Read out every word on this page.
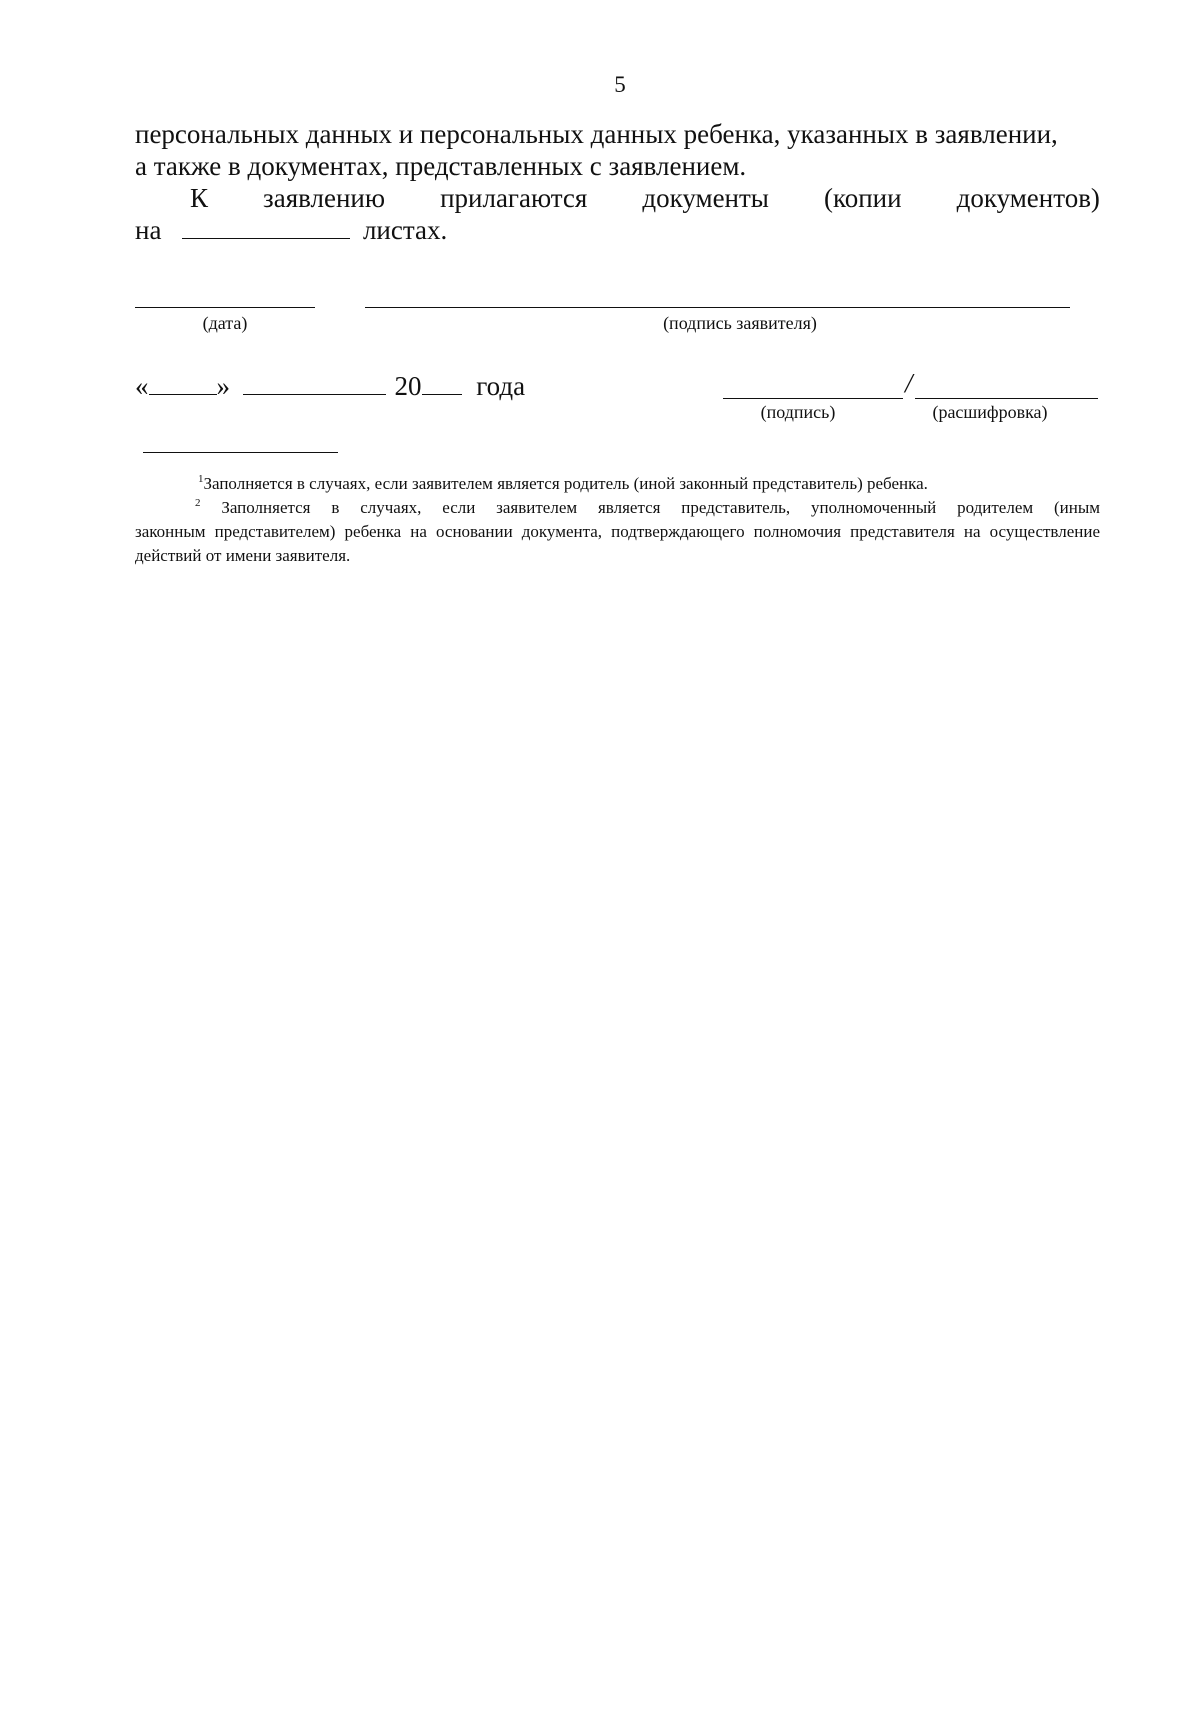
5
персональных данных и персональных данных ребенка, указанных в заявлении,
а также в документах, представленных с заявлением.
К заявлению прилагаются документы (копии документов)
на	листах.
(дата)	(подпись заявителя)
«	»	20 года	/
(подпись)	(расшифровка)
$^1$Заполняется в случаях, если заявителем является родитель (иной законный представитель) ребенка.
$^2$ Заполняется в случаях, если заявителем является представитель, уполномоченный родителем (иным
законным представителем) ребенка на основании документа, подтверждающего полномочия представителя на осуществление действий от имени заявителя.
